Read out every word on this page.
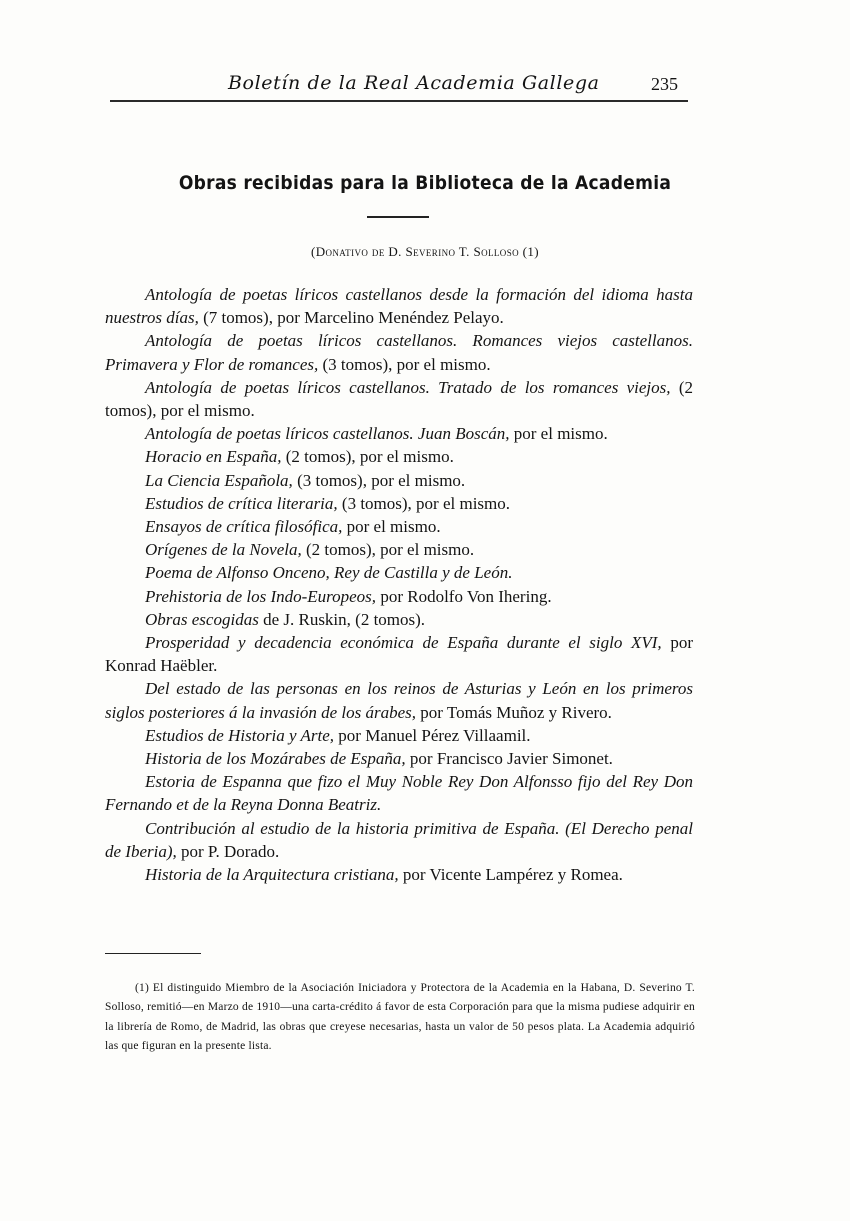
Boletín de la Real Academia Gallega	235
Obras recibidas para la Biblioteca de la Academia
(Donativo de D. Severino T. Solloso (1)

Antología de poetas líricos castellanos desde la formación del idioma hasta nuestros días, (7 tomos), por Marcelino Menéndez Pelayo.

Antología de poetas líricos castellanos. Romances viejos castellanos. Primavera y Flor de romances, (3 tomos), por el mismo.

Antología de poetas líricos castellanos. Tratado de los romances viejos, (2 tomos), por el mismo.

Antología de poetas líricos castellanos. Juan Boscán, por el mismo.

Horacio en España, (2 tomos), por el mismo.

La Ciencia Española, (3 tomos), por el mismo.

Estudios de crítica literaria, (3 tomos), por el mismo.

Ensayos de crítica filosófica, por el mismo.

Orígenes de la Novela, (2 tomos), por el mismo.

Poema de Alfonso Onceno, Rey de Castilla y de León.

Prehistoria de los Indo-Europeos, por Rodolfo Von Ihering.

Obras escogidas de J. Ruskin, (2 tomos).

Prosperidad y decadencia económica de España durante el siglo XVI, por Konrad Haëbler.

Del estado de las personas en los reinos de Asturias y León en los primeros siglos posteriores á la invasión de los árabes, por Tomás Muñoz y Rivero.

Estudios de Historia y Arte, por Manuel Pérez Villaamil.

Historia de los Mozárabes de España, por Francisco Javier Simonet.

Estoria de Espanna que fizo el Muy Noble Rey Don Alfonsso fijo del Rey Don Fernando et de la Reyna Donna Beatriz.

Contribución al estudio de la historia primitiva de España. (El Derecho penal de Iberia), por P. Dorado.

Historia de la Arquitectura cristiana, por Vicente Lampérez y Romea.

(1) El distinguido Miembro de la Asociación Iniciadora y Protectora de la Academia en la Habana, D. Severino T. Solloso, remitió—en Marzo de 1910—una carta-crédito á favor de esta Corporación para que la misma pudiese adquirir en la librería de Romo, de Madrid, las obras que creyese necesarias, hasta un valor de 50 pesos plata. La Academia adquirió las que figuran en la presente lista.
